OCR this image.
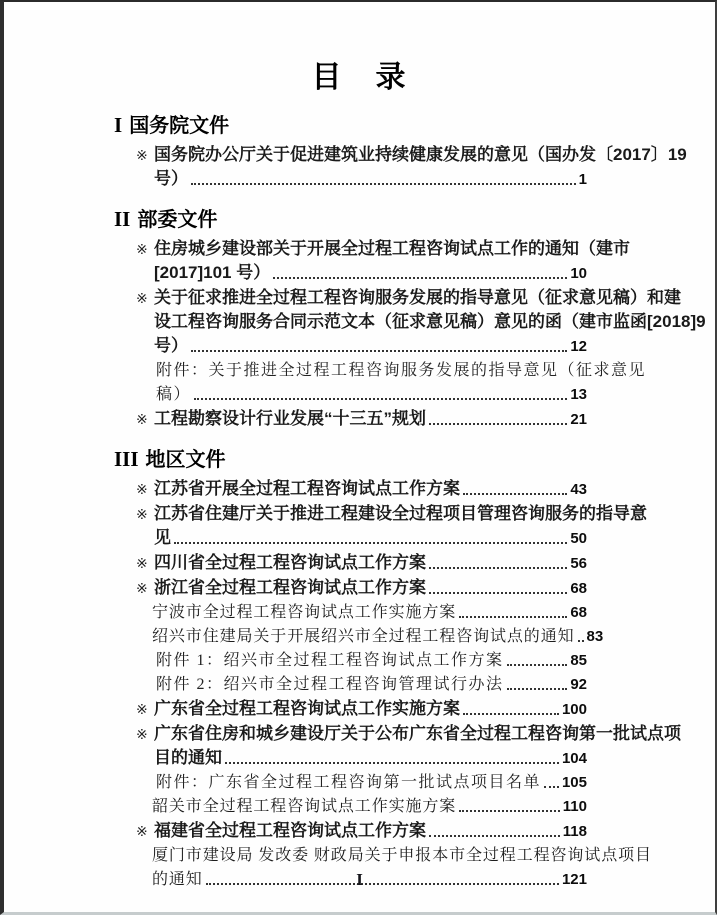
目　录
I 国务院文件
※ 国务院办公厅关于促进建筑业持续健康发展的意见（国办发〔2017〕19
号）	1
II 部委文件
※ 住房城乡建设部关于开展全过程工程咨询试点工作的通知（建市
[2017]101 号）	10
※ 关于征求推进全过程工程咨询服务发展的指导意见（征求意见稿）和建
设工程咨询服务合同示范文本（征求意见稿）意见的函（建市监函[2018]9
号）	12
附件：关于推进全过程工程咨询服务发展的指导意见（征求意见
稿）	13
※ 工程勘察设计行业发展“十三五”规划	21
III 地区文件
※ 江苏省开展全过程工程咨询试点工作方案	43
※ 江苏省住建厅关于推进工程建设全过程项目管理咨询服务的指导意
见	50
※ 四川省全过程工程咨询试点工作方案	56
※ 浙江省全过程工程咨询试点工作方案	68
宁波市全过程工程咨询试点工作实施方案	68
绍兴市住建局关于开展绍兴市全过程工程咨询试点的通知 83
附件 1：绍兴市全过程工程咨询试点工作方案	85
附件 2：绍兴市全过程工程咨询管理试行办法	92
※ 广东省全过程工程咨询试点工作实施方案	100
※ 广东省住房和城乡建设厅关于公布广东省全过程工程咨询第一批试点项
目的通知	104
附件：广东省全过程工程咨询第一批试点项目名单 105
韶关市全过程工程咨询试点工作实施方案	110
※ 福建省全过程工程咨询试点工作方案	118
厦门市建设局 发改委 财政局关于申报本市全过程工程咨询试点项目
的通知	121
I
